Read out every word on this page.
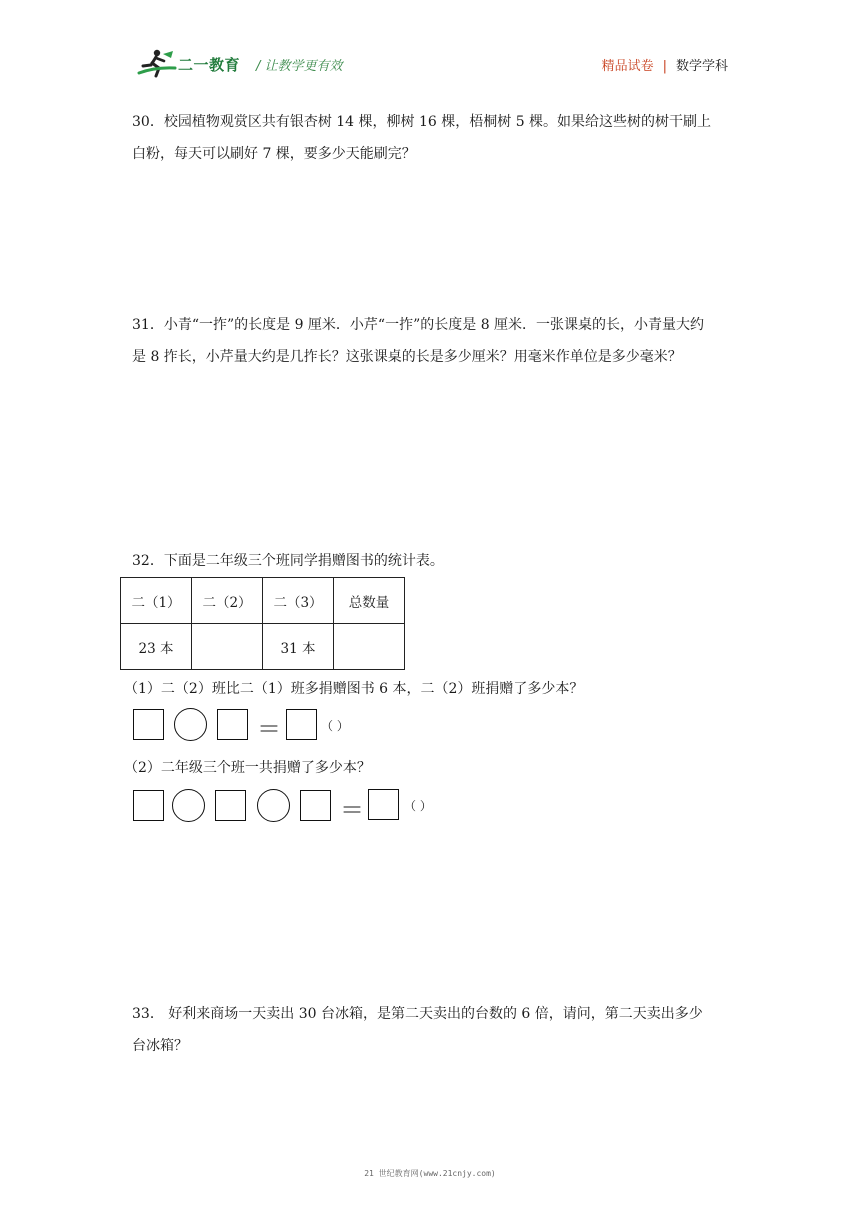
二一教育 / 让教学更有效	精品试卷 | 数学学科
30．校园植物观赏区共有银杏树 14 棵，柳树 16 棵，梧桐树 5 棵。如果给这些树的树干刷上
白粉，每天可以刷好 7 棵，要多少天能刷完？
31．小青“一拃”的长度是 9 厘米．小芹“一拃”的长度是 8 厘米．一张课桌的长，小青量大约
是 8 拃长，小芹量大约是几拃长？这张课桌的长是多少厘米？用毫米作单位是多少毫米？
32．下面是二年级三个班同学捐赠图书的统计表。
二（1）	二（2）	二（3）	总数量
23 本		31 本	
（1）二（2）班比二（1）班多捐赠图书 6 本，二（2）班捐赠了多少本？
＝	（ ）
（2）二年级三个班一共捐赠了多少本？
＝	（ ）
33． 好利来商场一天卖出 30 台冰箱，是第二天卖出的台数的 6 倍，请问，第二天卖出多少
台冰箱？
21 世纪教育网(www.21cnjy.com)
